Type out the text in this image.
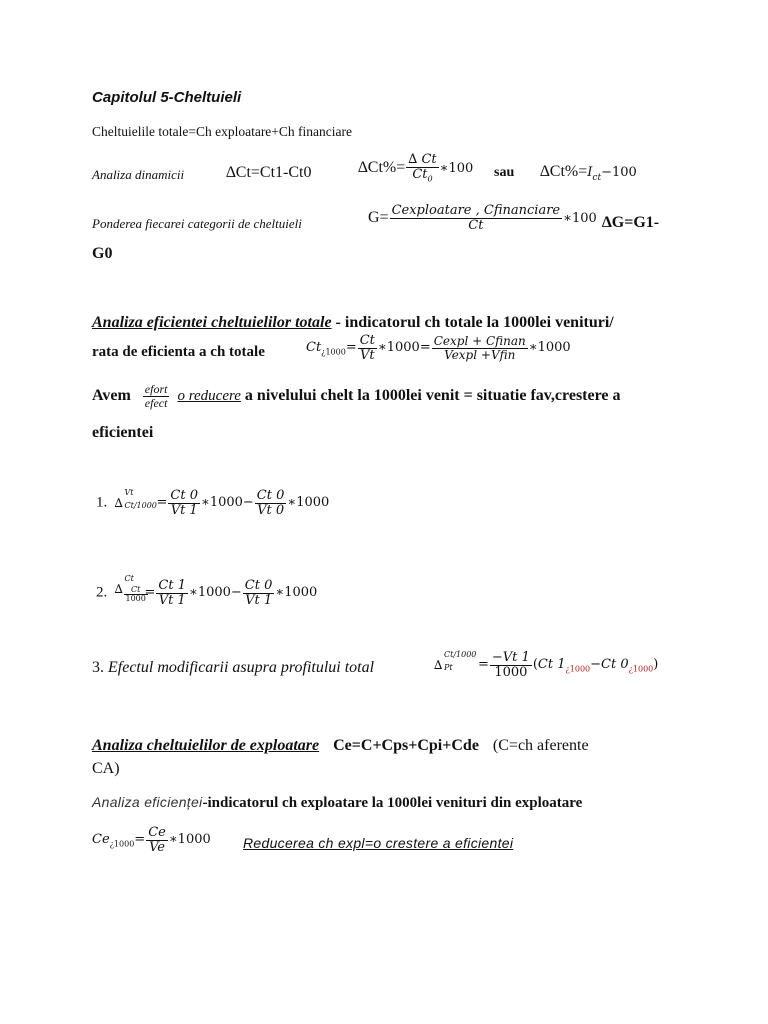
Capitolul 5-Cheltuieli
Cheltuielile totale=Ch exploatare+Ch financiare
Analiza dinamicii	∆Ct=Ct1-Ct0	$\Delta Ct\%= \frac{\Delta Ct}{Ct_0}$ ∗100 sau $\Delta Ct\%=I_{ct}-100$
Ponderea fiecarei categorii de cheltuieli	$G= \frac{\text{Cexploatare , Cfinanciare}}{Ct}$ ∗100 ∆G=G1-
G0
Analiza eficientei cheltuielilor totale - indicatorul ch totale la 1000lei venituri/
rata de eficienta a ch totale	$Ct_{¿1000}= \frac{Ct}{Vt}$ ∗1000= $\frac{\text{Cexpl + Cfinan}}{\text{Vexpl +Vfin}}$ ∗1000
Avem $\frac{\text{efort}}{\text{efect}}$ o reducere a nivelului chelt la 1000lei venit = situatie fav,crestere a
eficientei
1. ∆
Vt
$Ct/1000 = \frac{Ct 0}{Vt 1}$ ∗1000− $\frac{Ct 0}{Vt 0}$ ∗1000
2. ∆
Ct
$\frac{Ct}{1000}$
= $\frac{Ct 1}{Vt 1}$ ∗1000− $\frac{Ct 0}{Vt 1}$ ∗1000
3. Efectul modificarii asupra profitului total	∆
Ct/1000
$Pt = \frac{-Vt 1}{1000} (Ct$ $1_{¿1000}-Ct$ $0_{¿1000}$)
Analiza cheltuielilor de exploatare Ce=C+Cps+Cpi+Cde (C=ch aferente
CA)
Analiza eficienței-indicatorul ch exploatare la 1000lei venituri din exploatare
$Ce_{¿1000}= \frac{Ce}{Ve}$ ∗1000 Reducerea ch expl=o crestere a eficientei
